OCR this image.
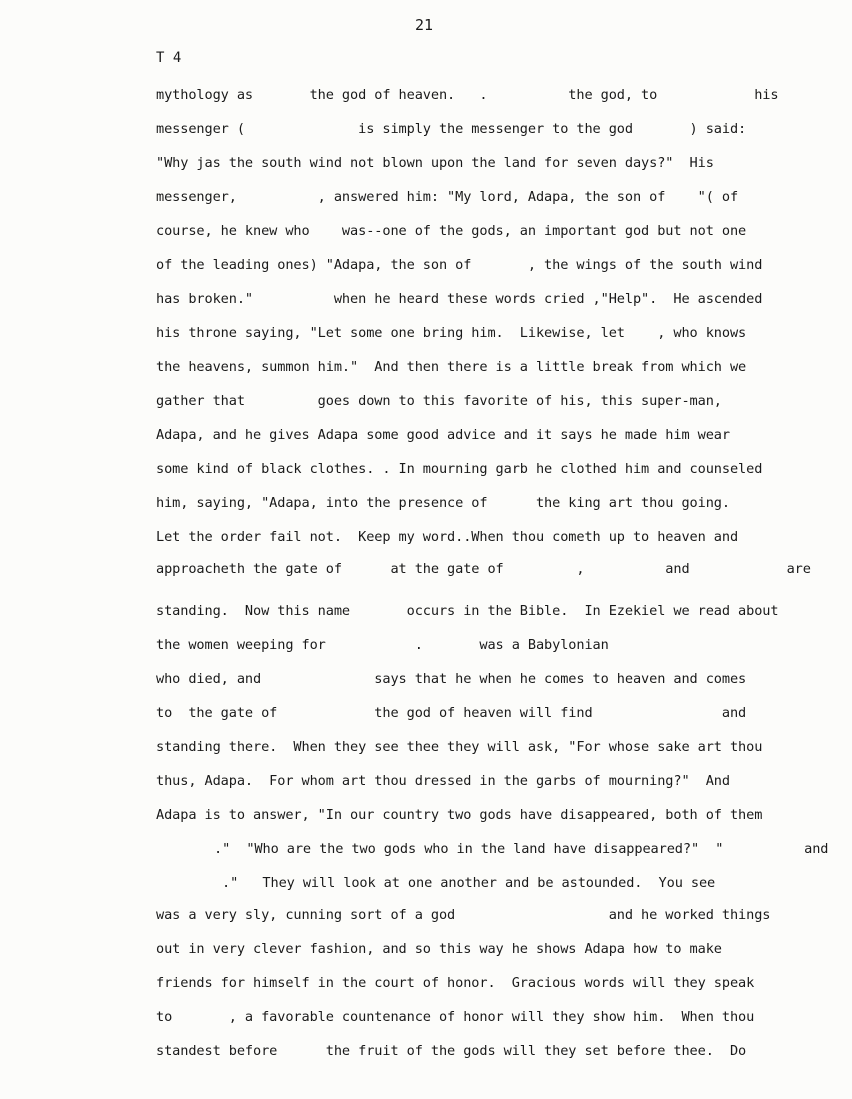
21
T 4
mythology as       the god of heaven.   .          the god, to            his
messenger (              is simply the messenger to the god       ) said:
"Why jas the south wind not blown upon the land for seven days?"  His
messenger,          , answered him: "My lord, Adapa, the son of    "( of
course, he knew who    was--one of the gods, an important god but not one
of the leading ones) "Adapa, the son of       , the wings of the south wind
has broken."          when he heard these words cried ,"Help".  He ascended
his throne saying, "Let some one bring him.  Likewise, let    , who knows
the heavens, summon him."  And then there is a little break from which we
gather that         goes down to this favorite of his, this super-man,
Adapa, and he gives Adapa some good advice and it says he made him wear
some kind of black clothes. . In mourning garb he clothed him and counseled
him, saying, "Adapa, into the presence of      the king art thou going.
Let the order fail not.  Keep my word..When thou cometh up to heaven and
approacheth the gate of      at the gate of         ,          and            are
standing.  Now this name       occurs in the Bible.  In Ezekiel we read about
the women weeping for           .       was a Babylonian
who died, and              says that he when he comes to heaven and comes
to  the gate of            the god of heaven will find                and
standing there.  When they see thee they will ask, "For whose sake art thou
thus, Adapa.  For whom art thou dressed in the garbs of mourning?"  And
Adapa is to answer, "In our country two gods have disappeared, both of them
."  "Who are the two gods who in the land have disappeared?"  "          and
."   They will look at one another and be astounded.  You see
was a very sly, cunning sort of a god                   and he worked things
out in very clever fashion, and so this way he shows Adapa how to make
friends for himself in the court of honor.  Gracious words will they speak
to       , a favorable countenance of honor will they show him.  When thou
standest before      the fruit of the gods will they set before thee.  Do
